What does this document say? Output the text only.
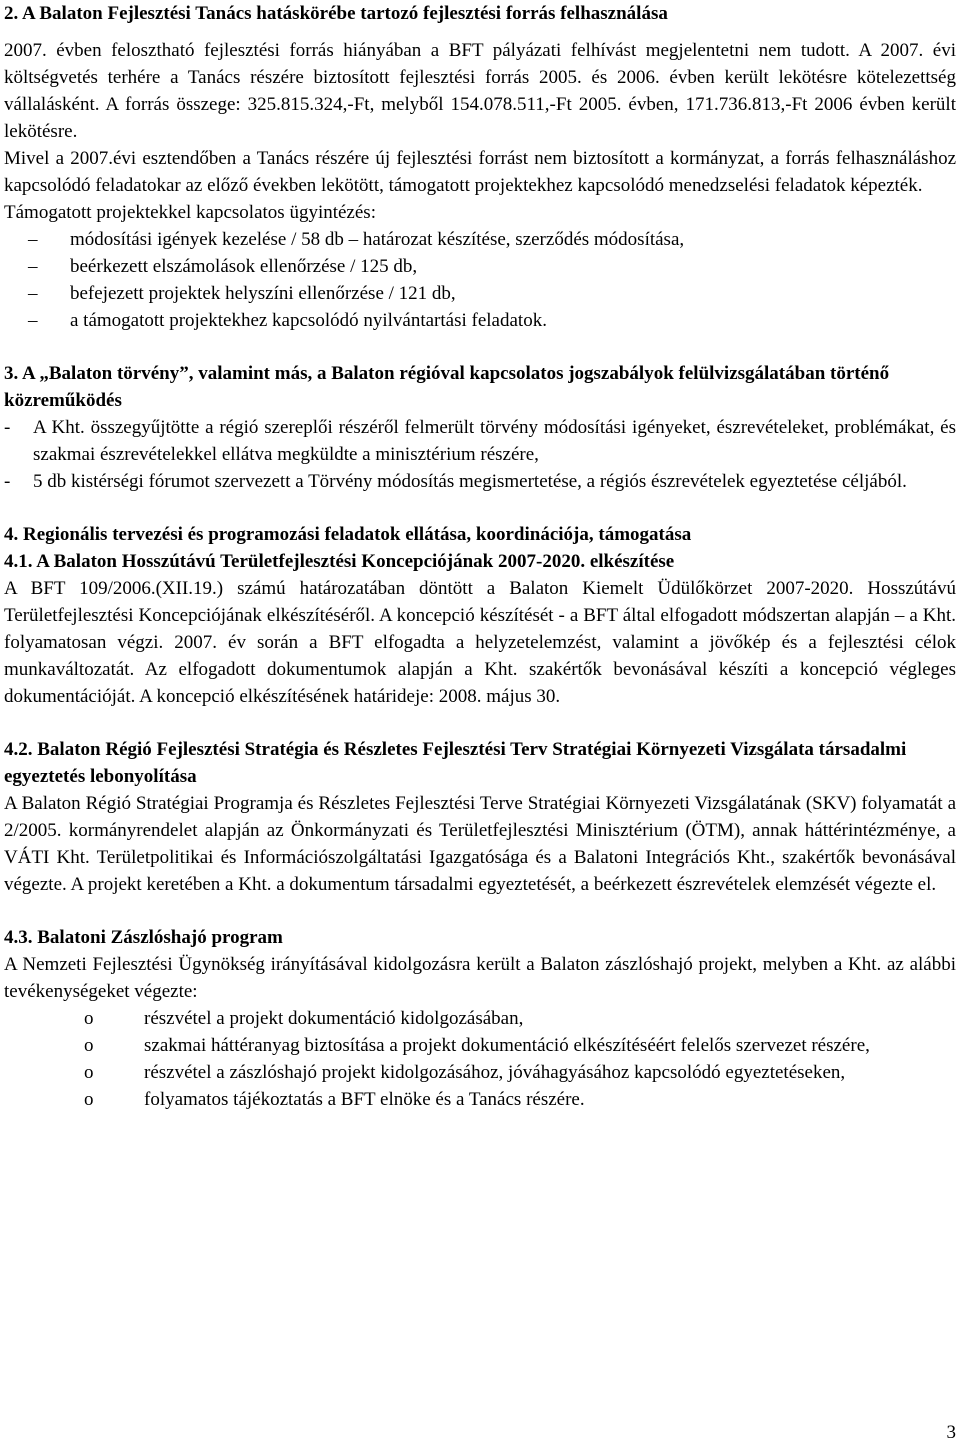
2. A Balaton Fejlesztési Tanács hatáskörébe tartozó fejlesztési forrás felhasználása

2007. évben felosztható fejlesztési forrás hiányában a BFT pályázati felhívást megjelentetni nem tudott. A 2007. évi költségvetés terhére a Tanács részére biztosított fejlesztési forrás 2005. és 2006. évben került lekötésre kötelezettség vállalásként. A forrás összege: 325.815.324,-Ft, melyből 154.078.511,-Ft 2005. évben, 171.736.813,-Ft 2006 évben került lekötésre.

Mivel a 2007.évi esztendőben a Tanács részére új fejlesztési forrást nem biztosított a kormányzat, a forrás felhasználáshoz kapcsolódó feladatokar az előző években lekötött, támogatott projektekhez kapcsolódó menedzselési feladatok képezték.

Támogatott projektekkel kapcsolatos ügyintézés:

– módosítási igények kezelése / 58 db – határozat készítése, szerződés módosítása,
– beérkezett elszámolások ellenőrzése / 125 db,
– befejezett projektek helyszíni ellenőrzése / 121 db,
– a támogatott projektekhez kapcsolódó nyilvántartási feladatok.
3. A „Balaton törvény”, valamint más, a Balaton régióval kapcsolatos jogszabályok felülvizsgálatában történő közreműködés
- A Kht. összegyűjtötte a régió szereplői részéről felmerült törvény módosítási igényeket, észrevételeket, problémákat, és szakmai észrevételekkel ellátva megküldte a minisztérium részére,
- 5 db kistérségi fórumot szervezett a Törvény módosítás megismertetése, a régiós észrevételek egyeztetése céljából.
4. Regionális tervezési és programozási feladatok ellátása, koordinációja, támogatása
4.1. A Balaton Hosszútávú Területfejlesztési Koncepciójának 2007-2020. elkészítése

A BFT 109/2006.(XII.19.) számú határozatában döntött a Balaton Kiemelt Üdülőkörzet 2007-2020. Hosszútávú Területfejlesztési Koncepciójának elkészítéséről. A koncepció készítését - a BFT által elfogadott módszertan alapján – a Kht. folyamatosan végzi. 2007. év során a BFT elfogadta a helyzetelemzést, valamint a jövőkép és a fejlesztési célok munkaváltozatát. Az elfogadott dokumentumok alapján a Kht. szakértők bevonásával készíti a koncepció végleges dokumentációját. A koncepció elkészítésének határideje: 2008. május 30.

4.2. Balaton Régió Fejlesztési Stratégia és Részletes Fejlesztési Terv Stratégiai Környezeti Vizsgálata társadalmi egyeztetés lebonyolítása

A Balaton Régió Stratégiai Programja és Részletes Fejlesztési Terve Stratégiai Környezeti Vizsgálatának (SKV) folyamatát a 2/2005. kormányrendelet alapján az Önkormányzati és Területfejlesztési Minisztérium (ÖTM), annak háttérintézménye, a VÁTI Kht. Területpolitikai és Információszolgáltatási Igazgatósága és a Balatoni Integrációs Kht., szakértők bevonásával végezte. A projekt keretében a Kht. a dokumentum társadalmi egyeztetését, a beérkezett észrevételek elemzését végezte el.

4.3. Balatoni Zászlóshajó program

A Nemzeti Fejlesztési Ügynökség irányításával kidolgozásra került a Balaton zászlóshajó projekt, melyben a Kht. az alábbi tevékenységeket végezte:

o	részvétel a projekt dokumentáció kidolgozásában,
o	szakmai háttéranyag biztosítása a projekt dokumentáció elkészítéséért felelős szervezet részére,
o	részvétel a zászlóshajó projekt kidolgozásához, jóváhagyásához kapcsolódó egyeztetéseken,
o	folyamatos tájékoztatás a BFT elnöke és a Tanács részére.
3
